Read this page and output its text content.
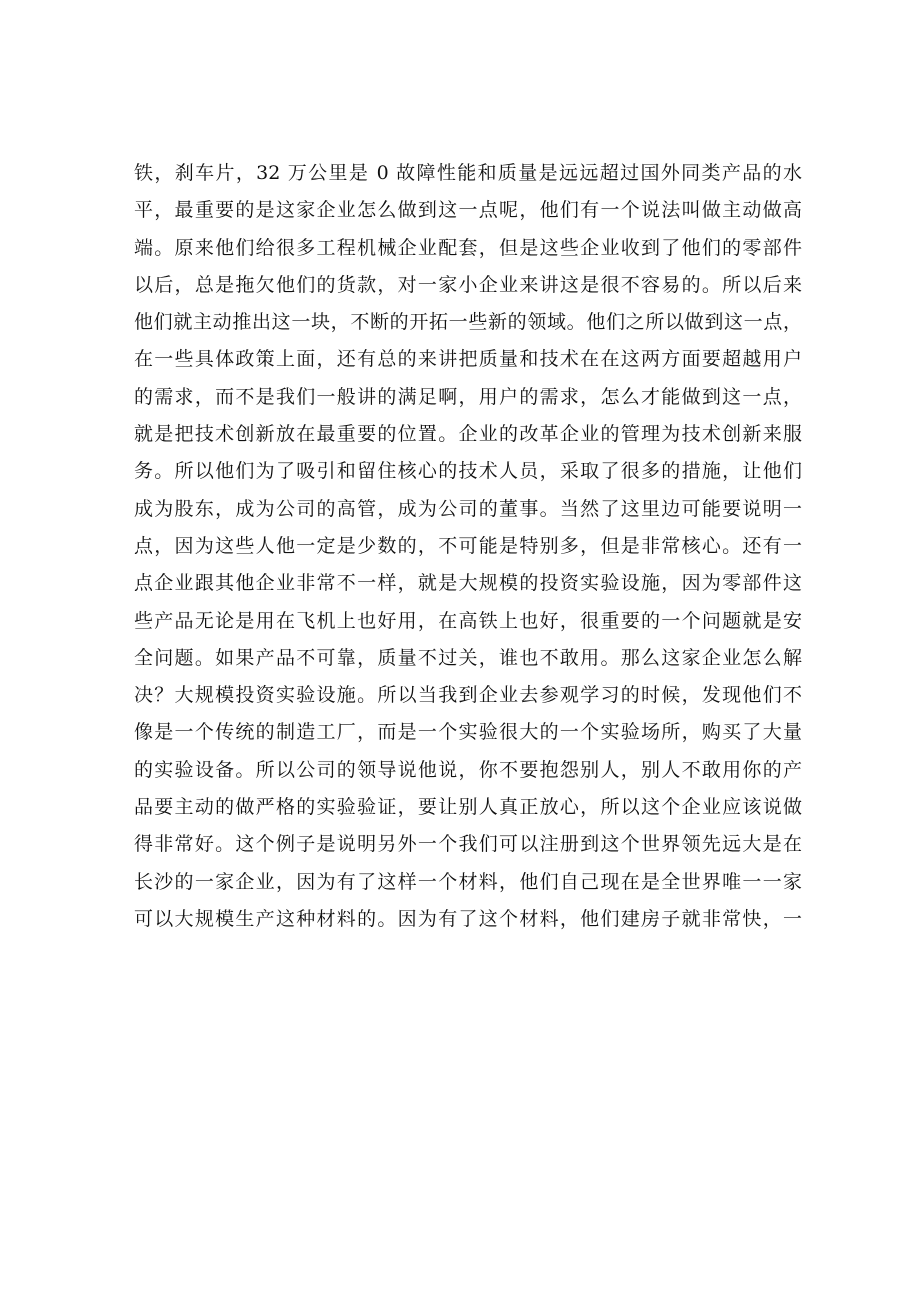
铁，刹车片，32 万公里是 0 故障性能和质量是远远超过国外同类产品的水
平，最重要的是这家企业怎么做到这一点呢，他们有一个说法叫做主动做高
端。原来他们给很多工程机械企业配套，但是这些企业收到了他们的零部件
以后，总是拖欠他们的货款，对一家小企业来讲这是很不容易的。所以后来
他们就主动推出这一块，不断的开拓一些新的领域。他们之所以做到这一点，
在一些具体政策上面，还有总的来讲把质量和技术在在这两方面要超越用户
的需求，而不是我们一般讲的满足啊，用户的需求，怎么才能做到这一点，
就是把技术创新放在最重要的位置。企业的改革企业的管理为技术创新来服
务。所以他们为了吸引和留住核心的技术人员，采取了很多的措施，让他们
成为股东，成为公司的高管，成为公司的董事。当然了这里边可能要说明一
点，因为这些人他一定是少数的，不可能是特别多，但是非常核心。还有一
点企业跟其他企业非常不一样，就是大规模的投资实验设施，因为零部件这
些产品无论是用在飞机上也好用，在高铁上也好，很重要的一个问题就是安
全问题。如果产品不可靠，质量不过关，谁也不敢用。那么这家企业怎么解
决？大规模投资实验设施。所以当我到企业去参观学习的时候，发现他们不
像是一个传统的制造工厂，而是一个实验很大的一个实验场所，购买了大量
的实验设备。所以公司的领导说他说，你不要抱怨别人，别人不敢用你的产
品要主动的做严格的实验验证，要让别人真正放心，所以这个企业应该说做
得非常好。这个例子是说明另外一个我们可以注册到这个世界领先远大是在
长沙的一家企业，因为有了这样一个材料，他们自己现在是全世界唯一一家
可以大规模生产这种材料的。因为有了这个材料，他们建房子就非常快，一
